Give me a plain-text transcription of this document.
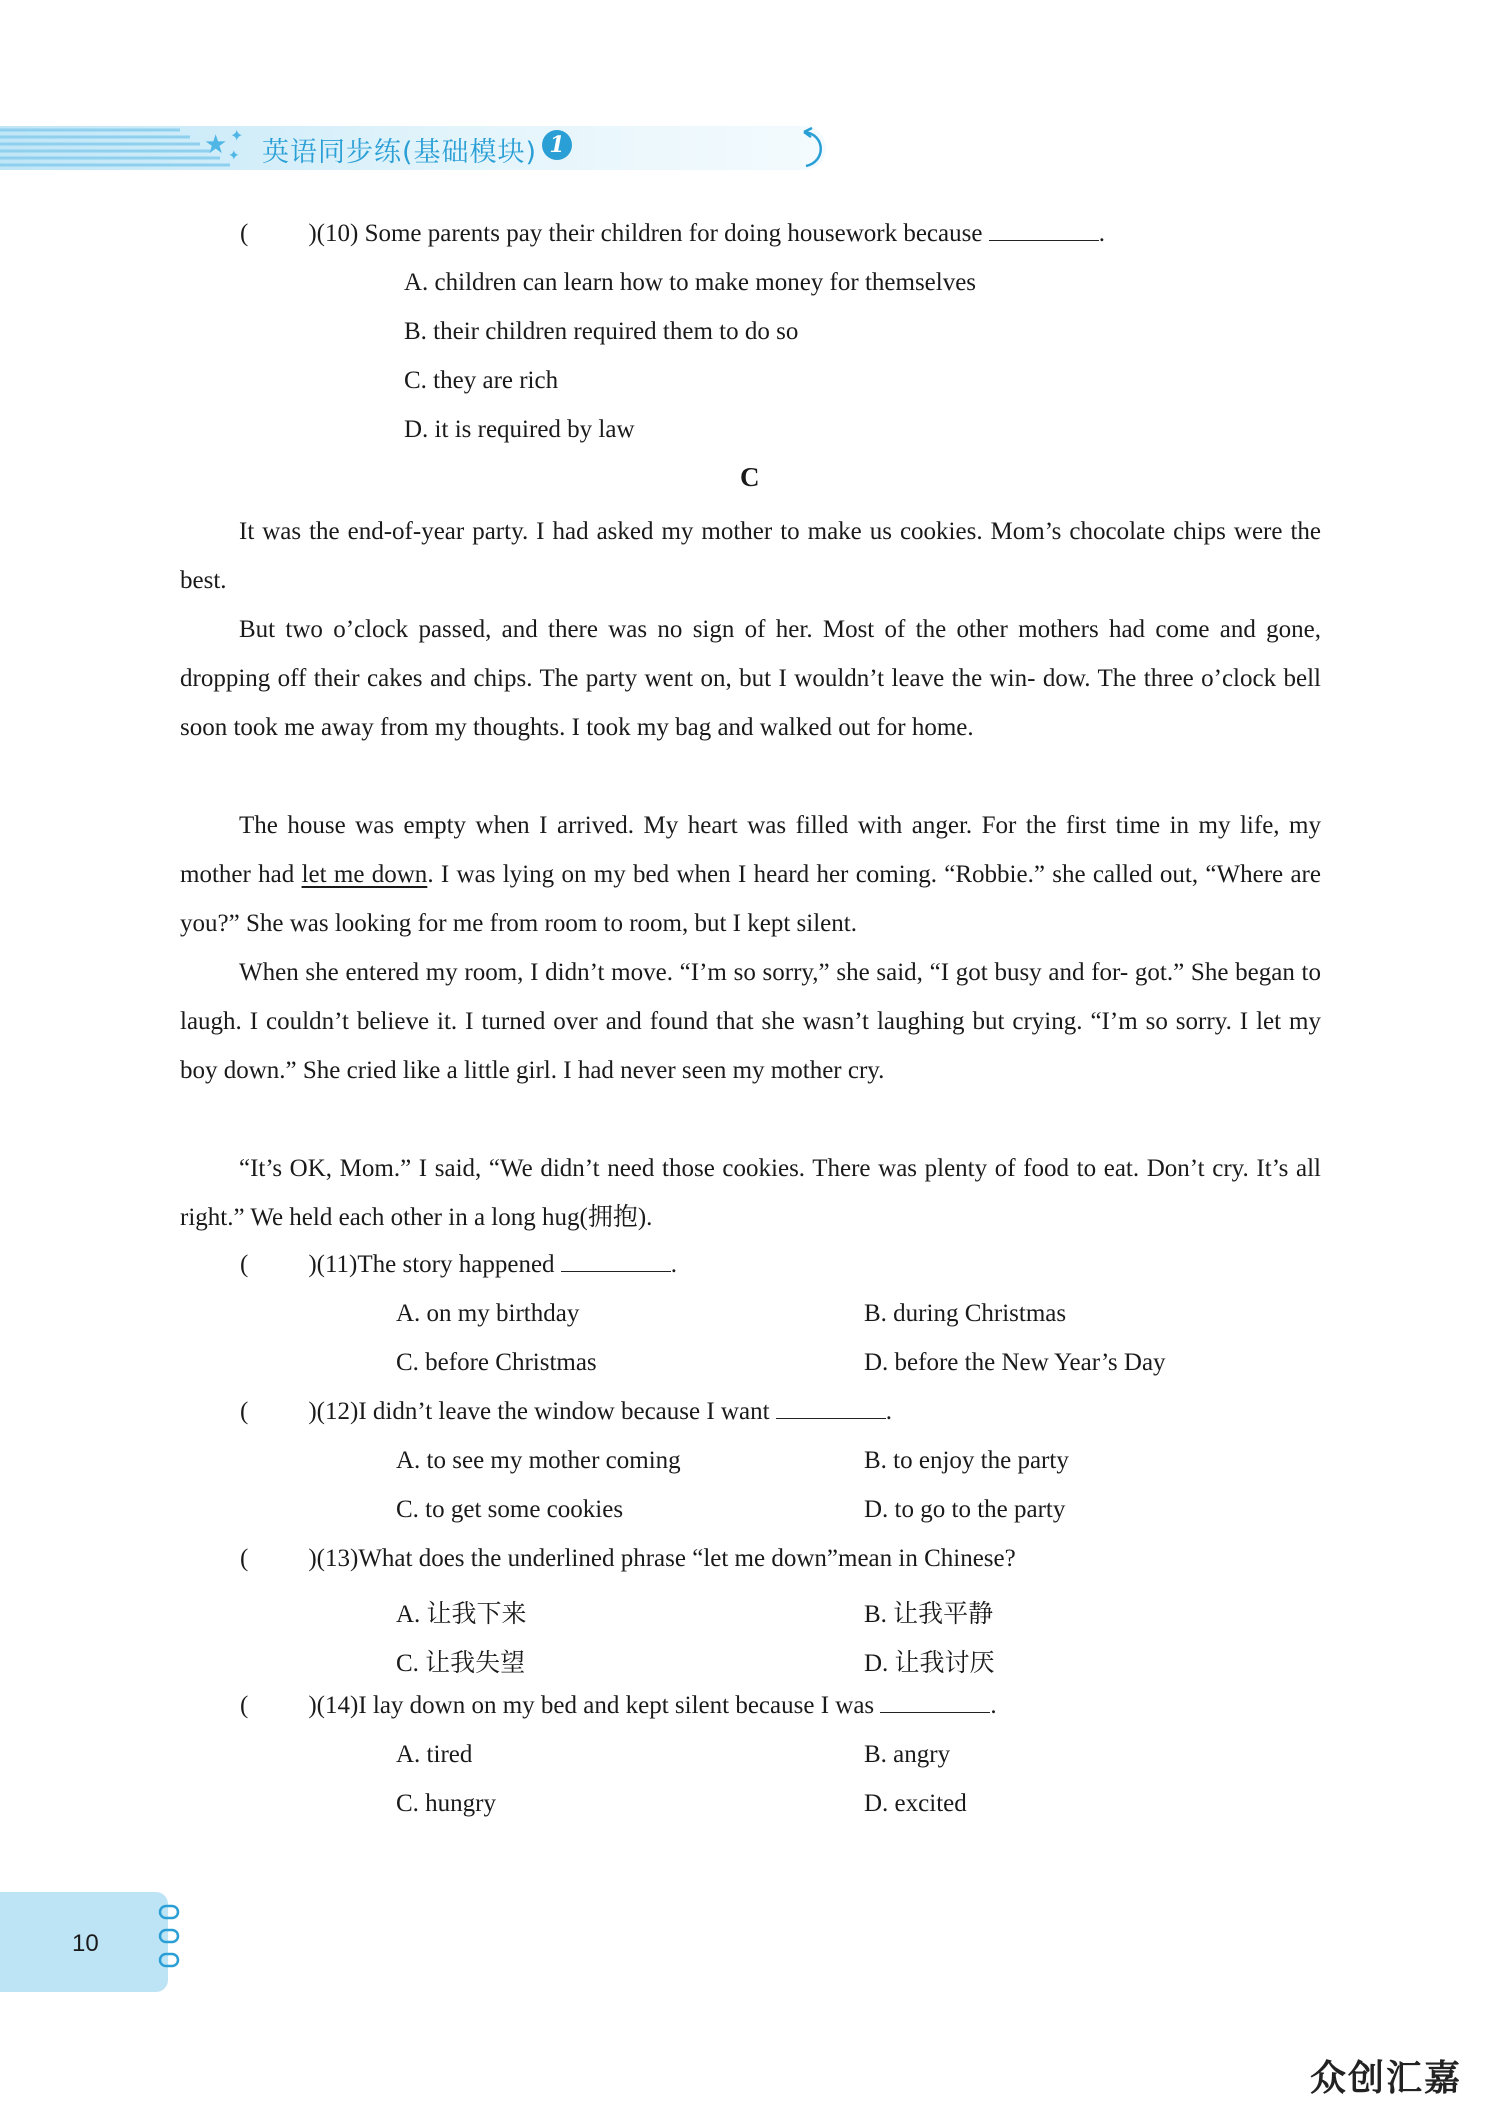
★ ✦
✦ 英语同步练(基础模块) 1
( )(10) Some parents pay their children for doing housework because	.
A. children can learn how to make money for themselves
B. their children required them to do so
C. they are rich
D. it is required by law
C
It was the end-of-year party. I had asked my mother to make us cookies. Mom’s chocolate chips were the best.
But two o’clock passed, and there was no sign of her. Most of the other mothers had come and gone, dropping off their cakes and chips. The party went on, but I wouldn’t leave the win- dow. The three o’clock bell soon took me away from my thoughts. I took my bag and walked out for home.
The house was empty when I arrived. My heart was filled with anger. For the first time in my life, my mother had let me down. I was lying on my bed when I heard her coming. “Robbie.” she called out, “Where are you?” She was looking for me from room to room, but I kept silent.
When she entered my room, I didn’t move. “I’m so sorry,” she said, “I got busy and for- got.” She began to laugh. I couldn’t believe it. I turned over and found that she wasn’t laughing but crying. “I’m so sorry. I let my boy down.” She cried like a little girl. I had never seen my mother cry.
“It’s OK, Mom.” I said, “We didn’t need those cookies. There was plenty of food to eat. Don’t cry. It’s all right.” We held each other in a long hug(拥抱).
( )(11)The story happened	.
A. on my birthday	B. during Christmas
C. before Christmas	D. before the New Year’s Day
( )(12)I didn’t leave the window because I want	.
A. to see my mother coming	B. to enjoy the party
C. to get some cookies	D. to go to the party
( )(13)What does the underlined phrase “let me down”mean in Chinese?
A. 让我下来	B. 让我平静
C. 让我失望	D. 让我讨厌
( )(14)I lay down on my bed and kept silent because I was	.
A. tired	B. angry
C. hungry	D. excited
10
众创汇嘉
